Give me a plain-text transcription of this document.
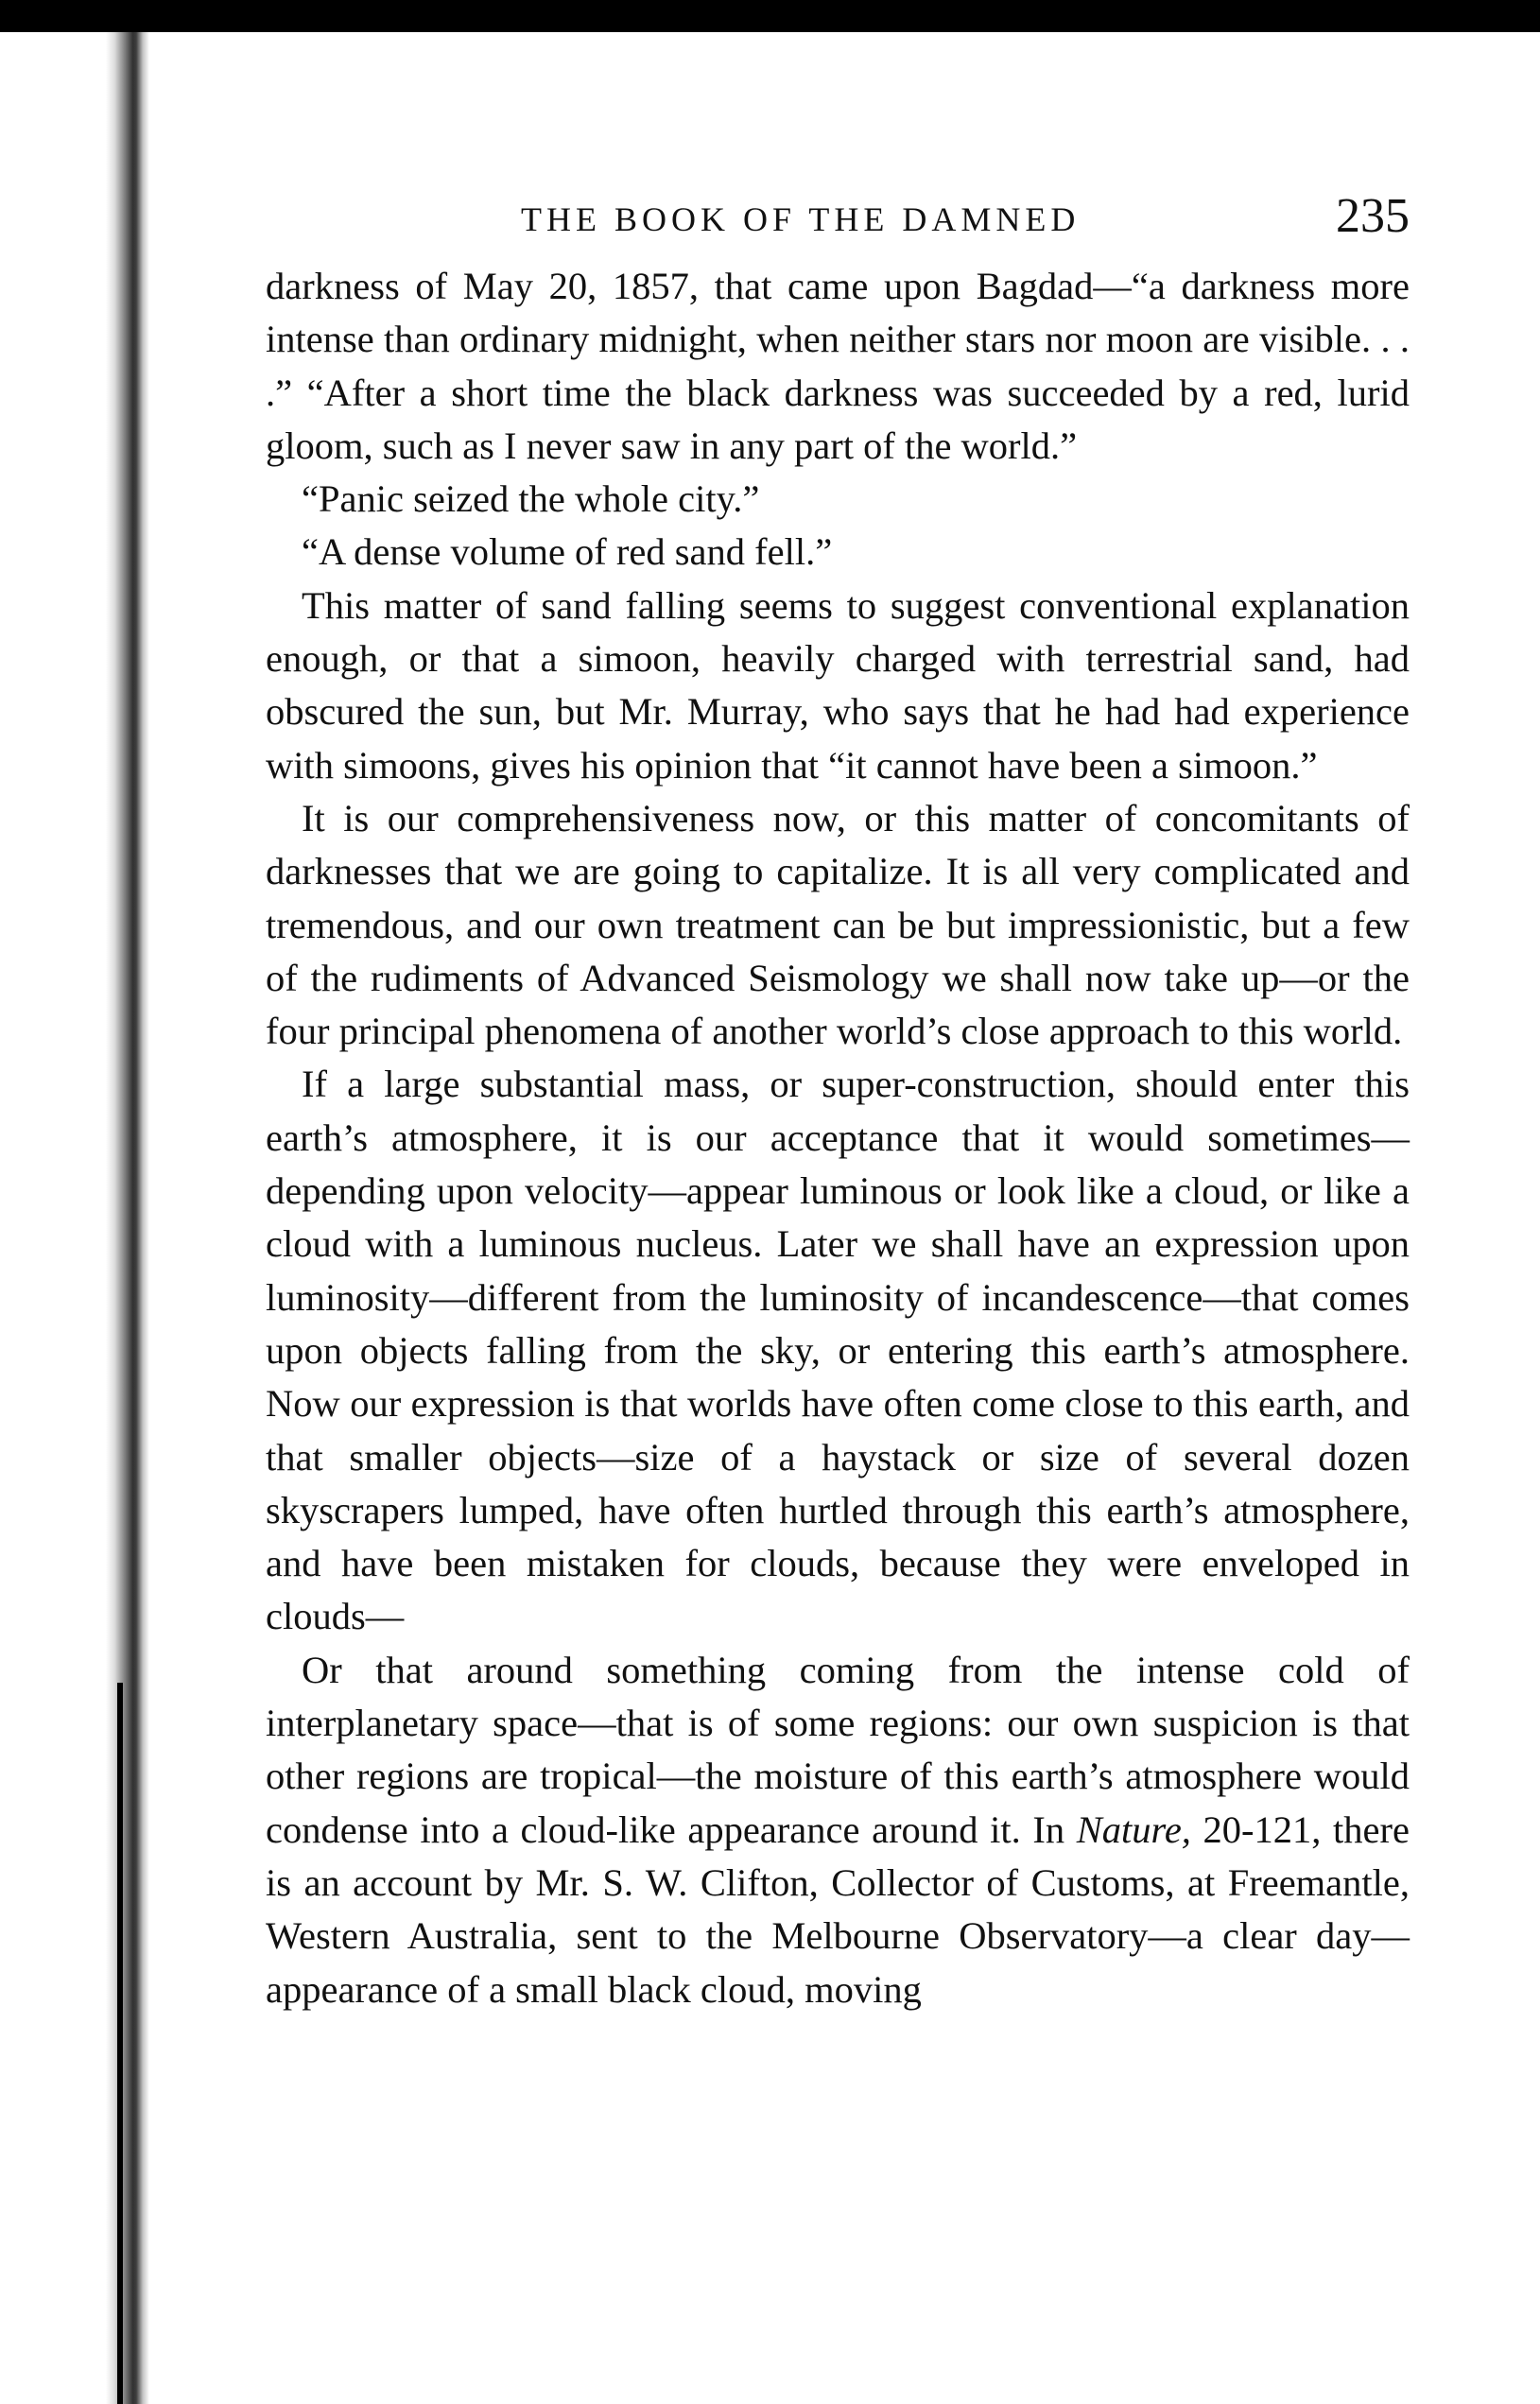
THE BOOK OF THE DAMNED	235

darkness of May 20, 1857, that came upon Bagdad—“a darkness more intense than ordinary midnight, when neither stars nor moon are visible. . . .” “After a short time the black darkness was succeeded by a red, lurid gloom, such as I never saw in any part of the world.”

“Panic seized the whole city.”

“A dense volume of red sand fell.”

This matter of sand falling seems to suggest conventional explanation enough, or that a simoon, heavily charged with terrestrial sand, had obscured the sun, but Mr. Murray, who says that he had had experience with simoons, gives his opinion that “it cannot have been a simoon.”

It is our comprehensiveness now, or this matter of concomitants of darknesses that we are going to capitalize. It is all very complicated and tremendous, and our own treatment can be but impressionistic, but a few of the rudiments of Advanced Seismology we shall now take up—or the four principal phenomena of another world’s close approach to this world.

If a large substantial mass, or super-construction, should enter this earth’s atmosphere, it is our acceptance that it would sometimes—depending upon velocity—appear luminous or look like a cloud, or like a cloud with a luminous nucleus. Later we shall have an expression upon luminosity—different from the luminosity of incandescence—that comes upon objects falling from the sky, or entering this earth’s atmosphere. Now our expression is that worlds have often come close to this earth, and that smaller objects—size of a haystack or size of several dozen skyscrapers lumped, have often hurtled through this earth’s atmosphere, and have been mistaken for clouds, because they were enveloped in clouds—

Or that around something coming from the intense cold of interplanetary space—that is of some regions: our own suspicion is that other regions are tropical—the moisture of this earth’s atmosphere would condense into a cloud-like appearance around it. In Nature, 20-121, there is an account by Mr. S. W. Clifton, Collector of Customs, at Freemantle, Western Australia, sent to the Melbourne Observatory—a clear day—appearance of a small black cloud, moving
